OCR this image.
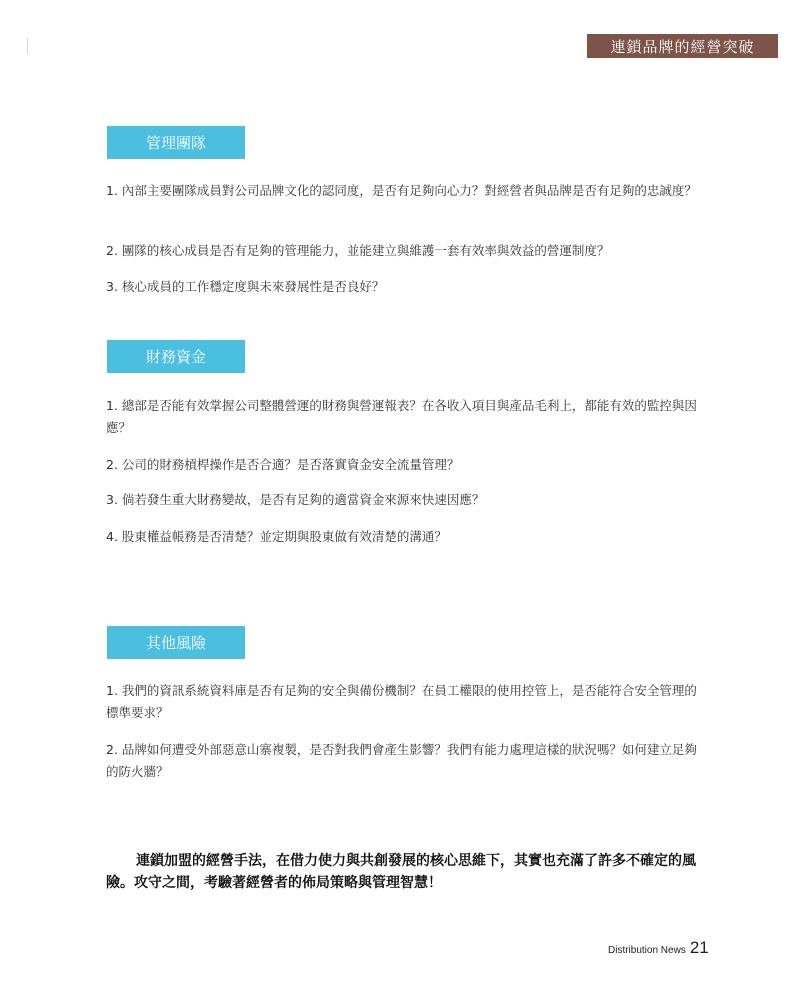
連鎖品牌的經營突破
管理團隊

1. 內部主要團隊成員對公司品牌文化的認同度，是否有足夠向心力？對經營者與品牌是否有足夠的忠誠度？

2. 團隊的核心成員是否有足夠的管理能力，並能建立與維護一套有效率與效益的營運制度？

3. 核心成員的工作穩定度與未來發展性是否良好？

財務資金

1. 總部是否能有效掌握公司整體營運的財務與營運報表？在各收入項目與產品毛利上，都能有效的監控與因應？

2. 公司的財務槓桿操作是否合適？是否落實資金安全流量管理？

3. 倘若發生重大財務變故，是否有足夠的適當資金來源來快速因應？

4. 股東權益帳務是否清楚？並定期與股東做有效清楚的溝通？

其他風險

1. 我們的資訊系統資料庫是否有足夠的安全與備份機制？在員工權限的使用控管上，是否能符合安全管理的標準要求？

2. 品牌如何遭受外部惡意山寨複製，是否對我們會產生影響？我們有能力處理這樣的狀況嗎？如何建立足夠的防火牆？

連鎖加盟的經營手法，在借力使力與共創發展的核心思維下，其實也充滿了許多不確定的風險。攻守之間，考驗著經營者的佈局策略與管理智慧！

Distribution News 21
